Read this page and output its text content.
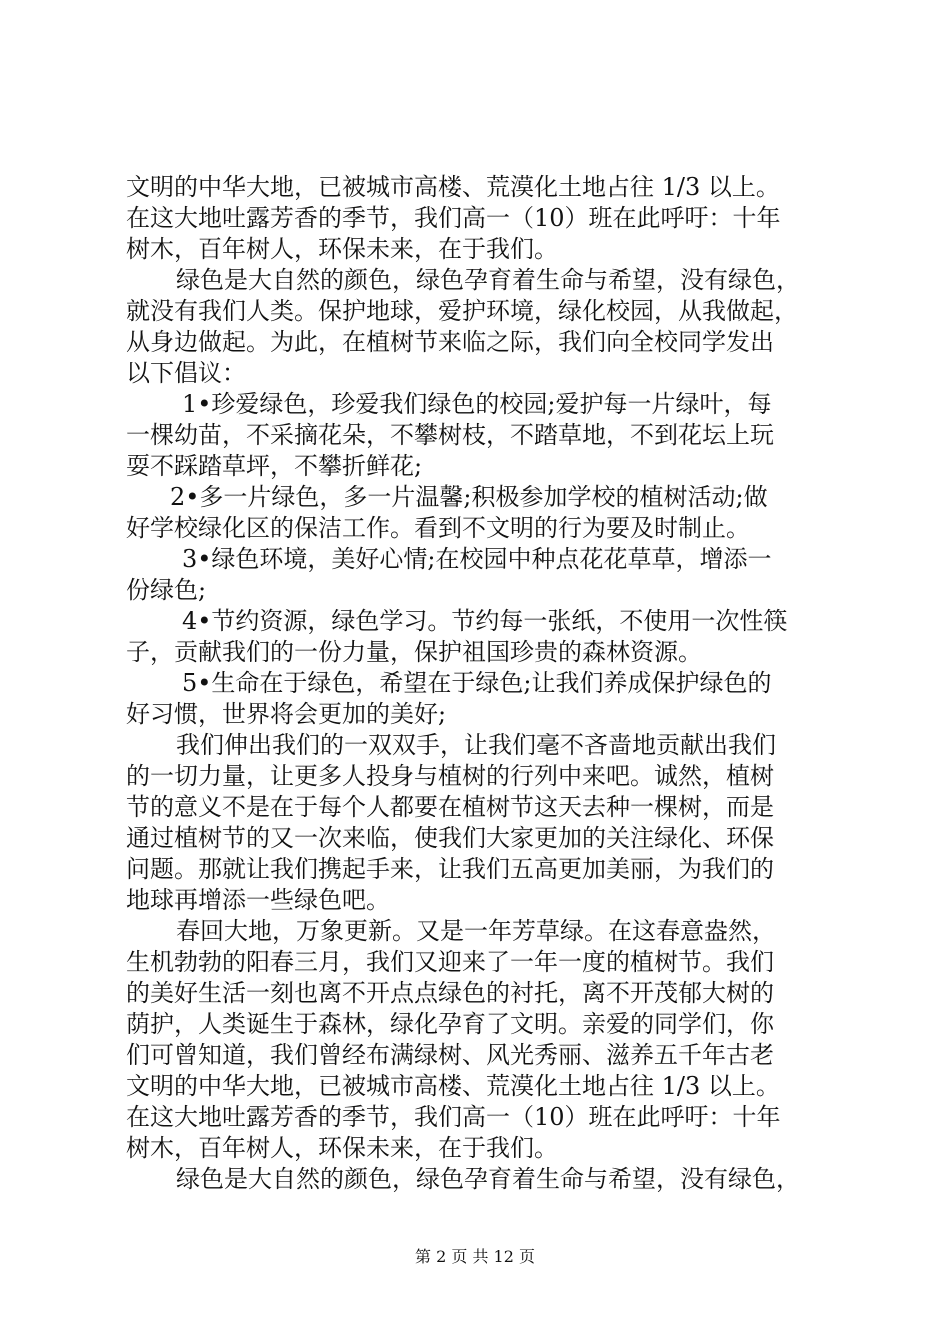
文明的中华大地，已被城市高楼、荒漠化土地占往 1/3 以上。
在这大地吐露芳香的季节，我们高一（10）班在此呼吁：十年
树木，百年树人，环保未来，在于我们。
绿色是大自然的颜色，绿色孕育着生命与希望，没有绿色，
就没有我们人类。保护地球，爱护环境，绿化校园，从我做起，
从身边做起。为此，在植树节来临之际，我们向全校同学发出
以下倡议：
1•珍爱绿色，珍爱我们绿色的校园;爱护每一片绿叶，每
一棵幼苗，不采摘花朵，不攀树枝，不踏草地，不到花坛上玩
耍不踩踏草坪，不攀折鲜花;
2•多一片绿色，多一片温馨;积极参加学校的植树活动;做
好学校绿化区的保洁工作。看到不文明的行为要及时制止。
3•绿色环境，美好心情;在校园中种点花花草草，增添一
份绿色;
4•节约资源，绿色学习。节约每一张纸，不使用一次性筷
子，贡献我们的一份力量，保护祖国珍贵的森林资源。
5•生命在于绿色，希望在于绿色;让我们养成保护绿色的
好习惯，世界将会更加的美好;
我们伸出我们的一双双手，让我们毫不吝啬地贡献出我们
的一切力量，让更多人投身与植树的行列中来吧。诚然，植树
节的意义不是在于每个人都要在植树节这天去种一棵树，而是
通过植树节的又一次来临，使我们大家更加的关注绿化、环保
问题。那就让我们携起手来，让我们五高更加美丽，为我们的
地球再增添一些绿色吧。
春回大地，万象更新。又是一年芳草绿。在这春意盎然，
生机勃勃的阳春三月，我们又迎来了一年一度的植树节。我们
的美好生活一刻也离不开点点绿色的衬托，离不开茂郁大树的
荫护，人类诞生于森林，绿化孕育了文明。亲爱的同学们，你
们可曾知道，我们曾经布满绿树、风光秀丽、滋养五千年古老
文明的中华大地，已被城市高楼、荒漠化土地占往 1/3 以上。
在这大地吐露芳香的季节，我们高一（10）班在此呼吁：十年
树木，百年树人，环保未来，在于我们。
绿色是大自然的颜色，绿色孕育着生命与希望，没有绿色，
第 2 页 共 12 页
